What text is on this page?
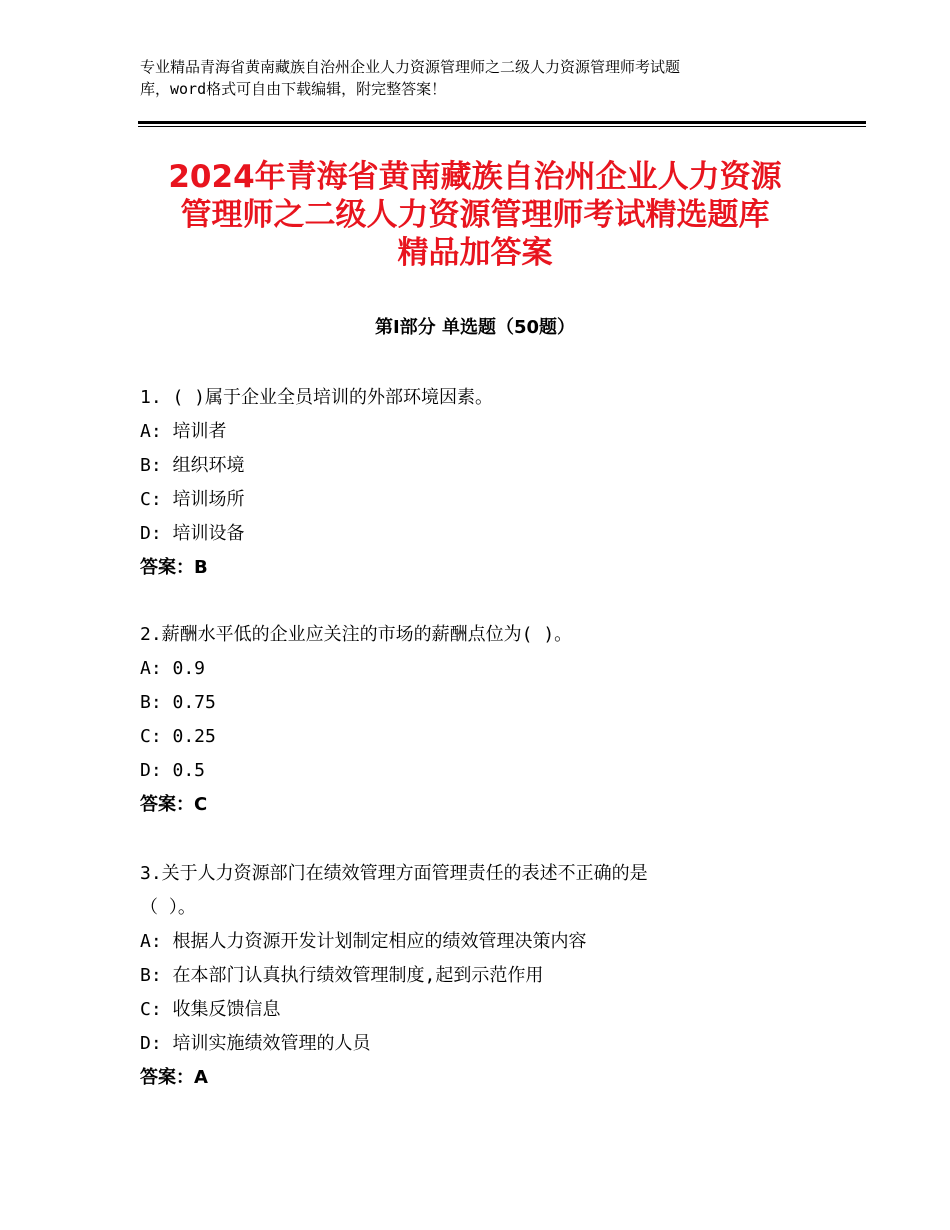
专业精品青海省黄南藏族自治州企业人力资源管理师之二级人力资源管理师考试题
库，word格式可自由下载编辑，附完整答案！
2024年青海省黄南藏族自治州企业人力资源
管理师之二级人力资源管理师考试精选题库
精品加答案
第Ⅰ部分 单选题（50题）
1. ( )属于企业全员培训的外部环境因素。
A: 培训者
B: 组织环境
C: 培训场所
D: 培训设备
答案：B
2.薪酬水平低的企业应关注的市场的薪酬点位为( )。
A: 0.9
B: 0.75
C: 0.25
D: 0.5
答案：C
3.关于人力资源部门在绩效管理方面管理责任的表述不正确的是
（ ）。
A: 根据人力资源开发计划制定相应的绩效管理决策内容
B: 在本部门认真执行绩效管理制度,起到示范作用
C: 收集反馈信息
D: 培训实施绩效管理的人员
答案：A
